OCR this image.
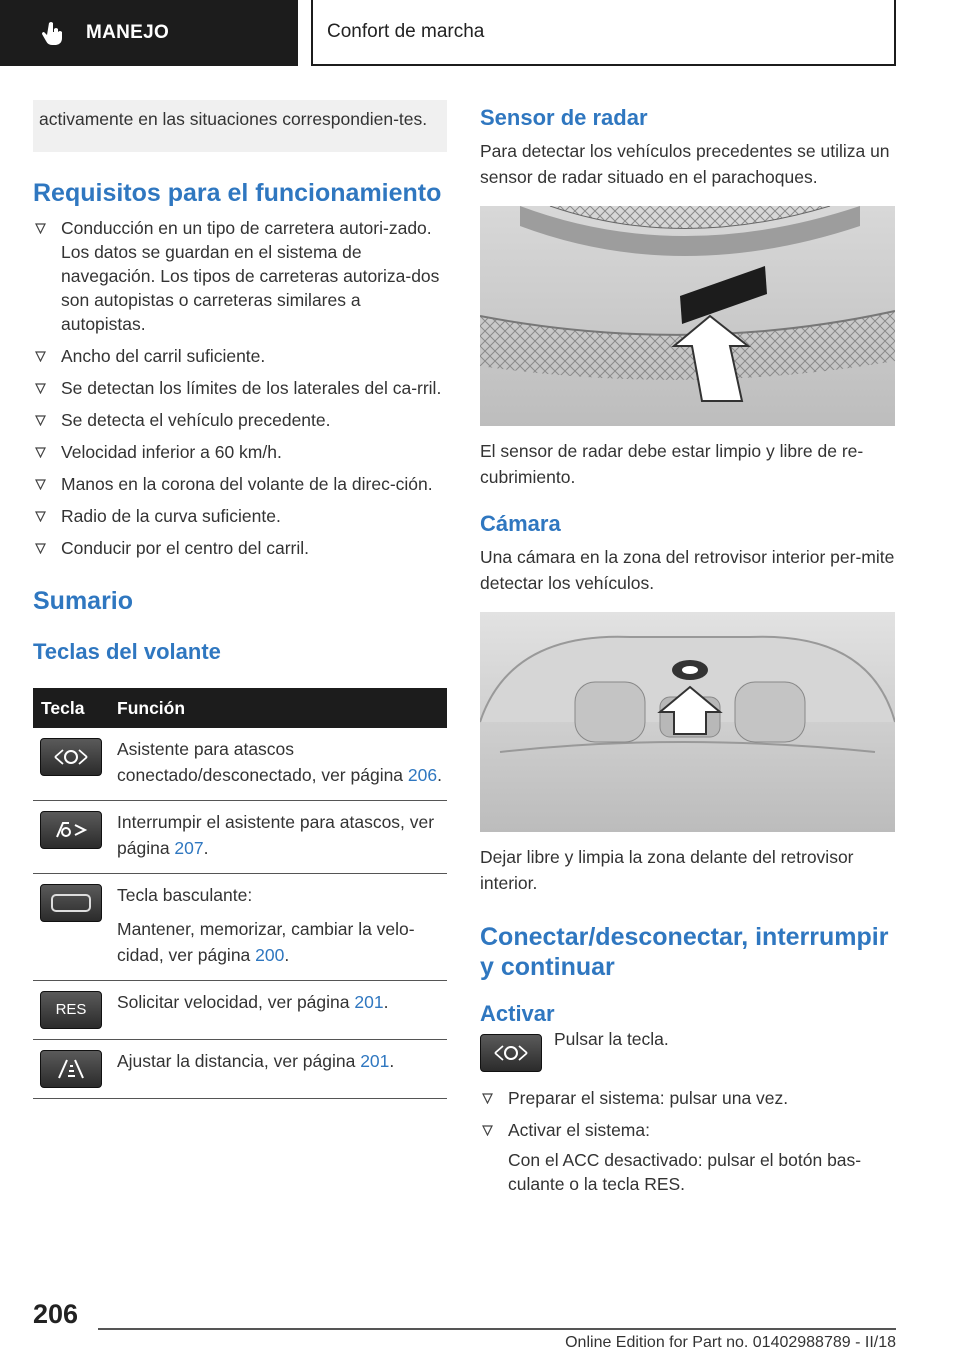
MANEJO	Confort de marcha
activamente en las situaciones correspondien‐tes.
Requisitos para el funcionamiento
Conducción en un tipo de carretera autori‐zado. Los datos se guardan en el sistema de navegación. Los tipos de carreteras autoriza‐dos son autopistas o carreteras similares a autopistas.
Ancho del carril suficiente.
Se detectan los límites de los laterales del ca‐rril.
Se detecta el vehículo precedente.
Velocidad inferior a 60 km/h.
Manos en la corona del volante de la direc‐ción.
Radio de la curva suficiente.
Conducir por el centro del carril.
Sumario
Teclas del volante
Tecla	Función

	Asistente para atascos conectado/desconectado, ver página 206.

	Interrumpir el asistente para atascos, ver página 207.

Tecla basculante:
Mantener, memorizar, cambiar la velo‐cidad, ver página 200.

RES	Solicitar velocidad, ver página 201.

	Ajustar la distancia, ver página 201.
Sensor de radar

Para detectar los vehículos precedentes se utiliza un sensor de radar situado en el parachoques.

El sensor de radar debe estar limpio y libre de re‐cubrimiento.

Cámara

Una cámara en la zona del retrovisor interior per‐mite detectar los vehículos.

Dejar libre y limpia la zona delante del retrovisor interior.

Conectar/desconectar, interrumpir y continuar
Activar

Pulsar la tecla.

Preparar el sistema: pulsar una vez.
Activar el sistema:

Con el ACC desactivado: pulsar el botón bas‐culante o la tecla RES.

206
Online Edition for Part no. 01402988789 - II/18
